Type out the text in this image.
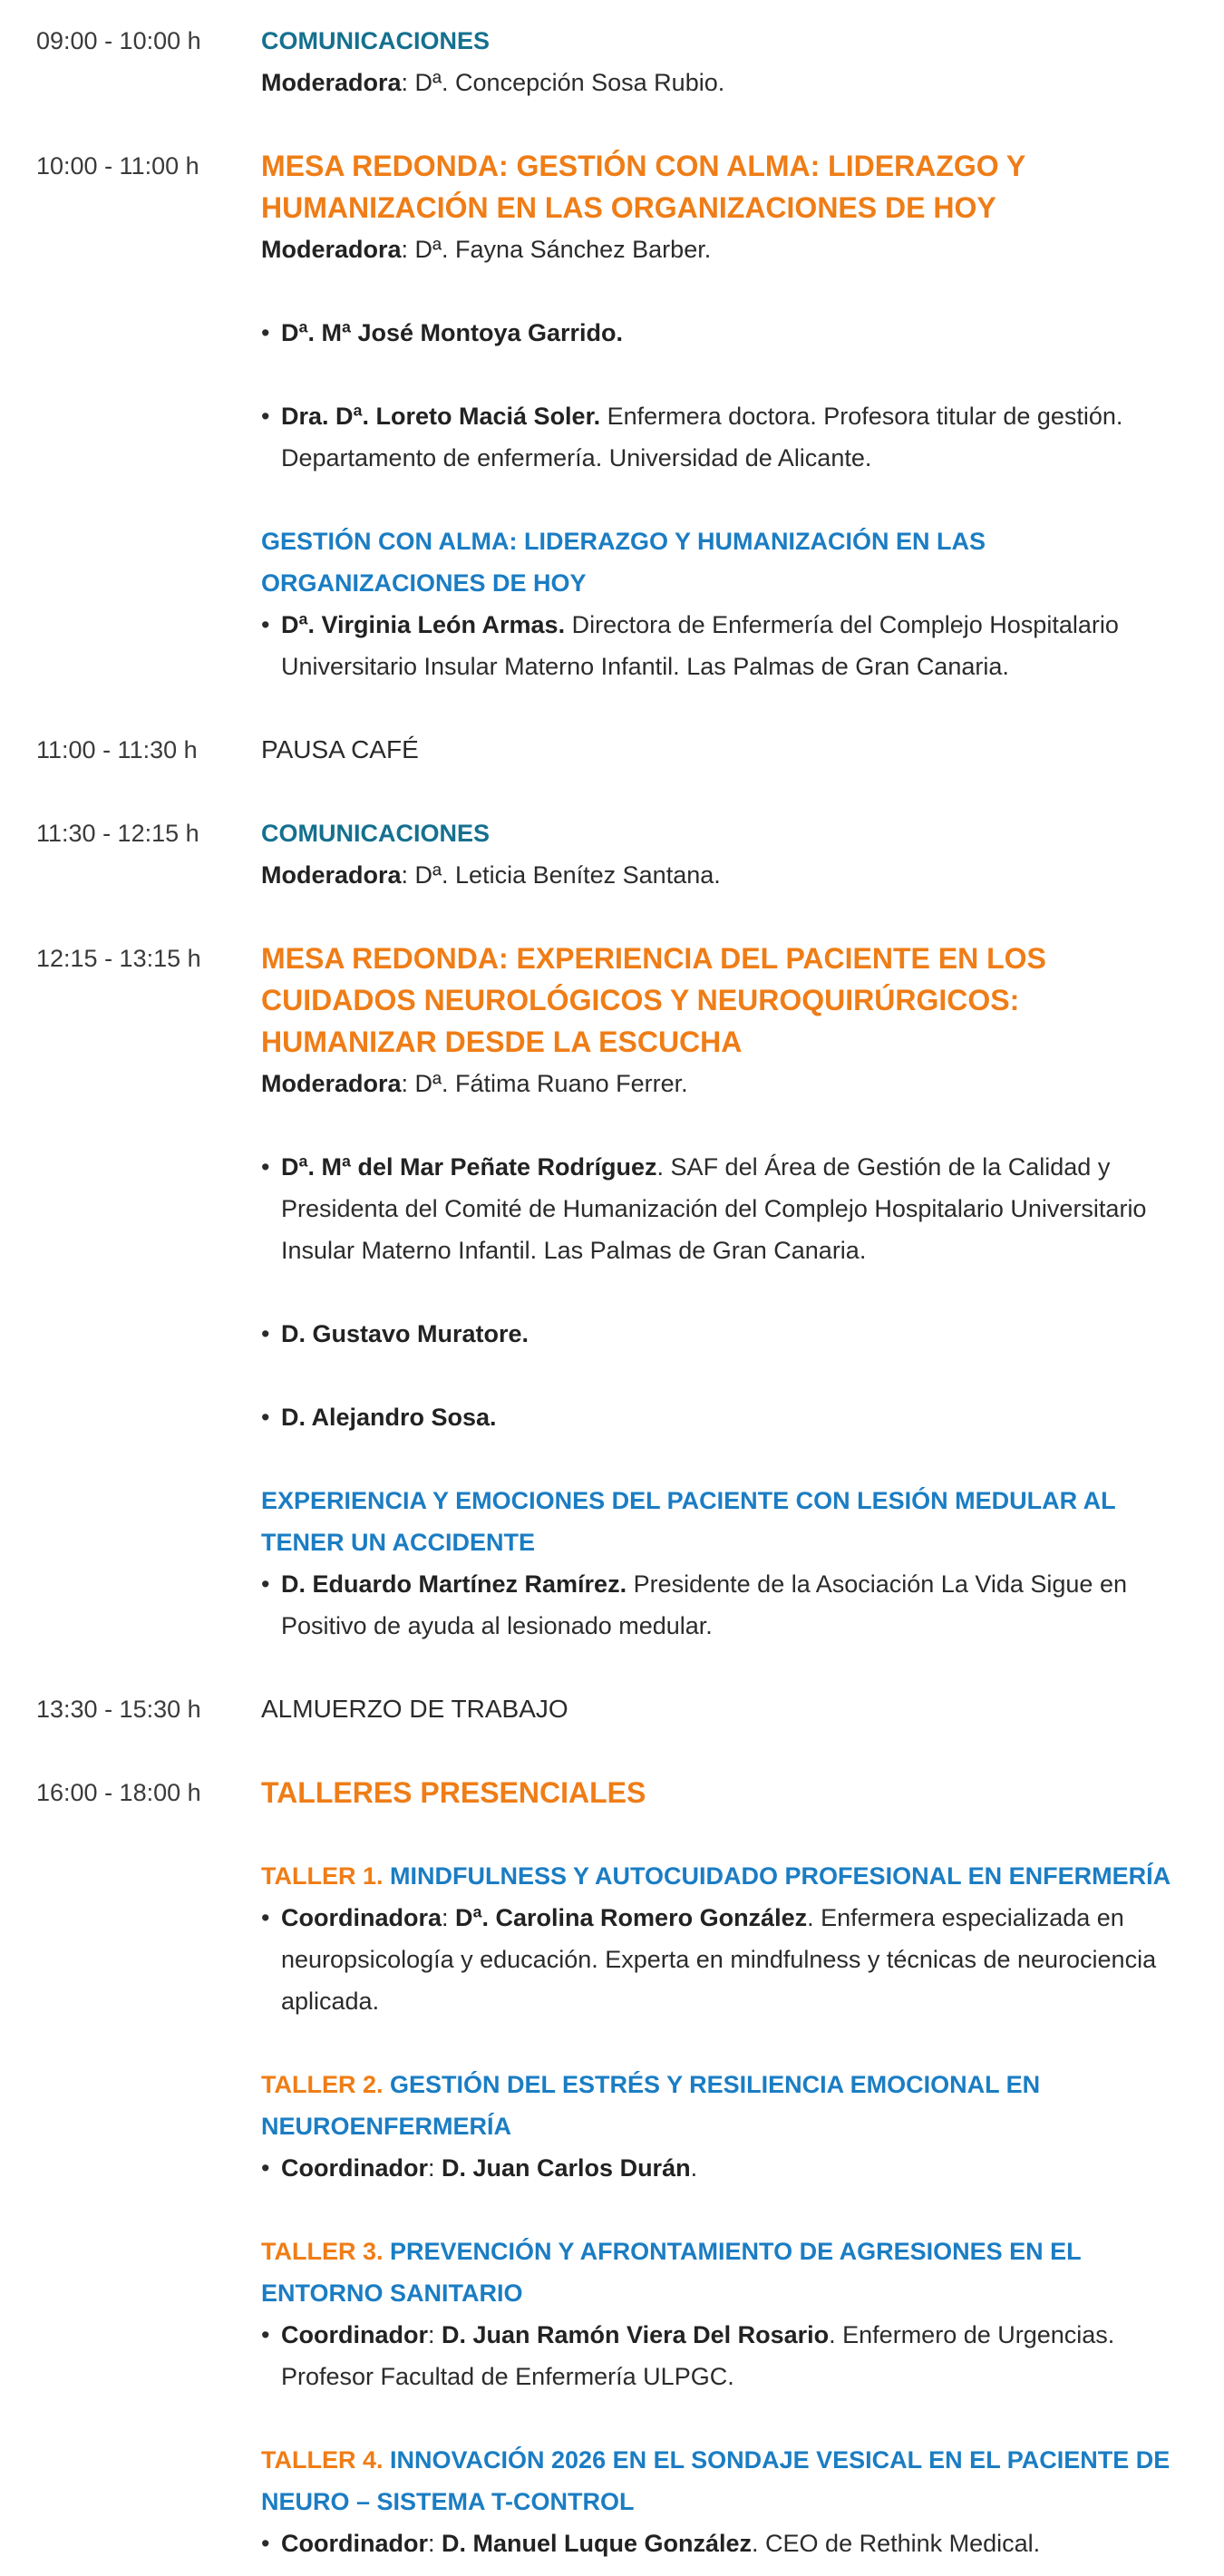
09:00 - 10:00 h	COMUNICACIONES
Moderadora: Dª. Concepción Sosa Rubio.
10:00 - 11:00 h	MESA REDONDA: GESTIÓN CON ALMA: LIDERAZGO Y HUMANIZACIÓN EN LAS ORGANIZACIONES DE HOY
Moderadora: Dª. Fayna Sánchez Barber.
• Dª. Mª José Montoya Garrido.
• Dra. Dª. Loreto Maciá Soler. Enfermera doctora. Profesora titular de gestión. Departamento de enfermería. Universidad de Alicante.
GESTIÓN CON ALMA: LIDERAZGO Y HUMANIZACIÓN EN LAS ORGANIZACIONES DE HOY
• Dª. Virginia León Armas. Directora de Enfermería del Complejo Hospitalario Universitario Insular Materno Infantil. Las Palmas de Gran Canaria.
11:00 - 11:30 h	PAUSA CAFÉ
11:30 - 12:15 h	COMUNICACIONES
Moderadora: Dª. Leticia Benítez Santana.
12:15 - 13:15 h	MESA REDONDA: EXPERIENCIA DEL PACIENTE EN LOS CUIDADOS NEUROLÓGICOS Y NEUROQUIRÚRGICOS: HUMANIZAR DESDE LA ESCUCHA
Moderadora: Dª. Fátima Ruano Ferrer.
• Dª. Mª del Mar Peñate Rodríguez. SAF del Área de Gestión de la Calidad y Presidenta del Comité de Humanización del Complejo Hospitalario Universitario Insular Materno Infantil. Las Palmas de Gran Canaria.
• D. Gustavo Muratore.
• D. Alejandro Sosa.
EXPERIENCIA Y EMOCIONES DEL PACIENTE CON LESIÓN MEDULAR AL TENER UN ACCIDENTE
• D. Eduardo Martínez Ramírez. Presidente de la Asociación La Vida Sigue en Positivo de ayuda al lesionado medular.
13:30 - 15:30 h	ALMUERZO DE TRABAJO
16:00 - 18:00 h	TALLERES PRESENCIALES
TALLER 1. MINDFULNESS Y AUTOCUIDADO PROFESIONAL EN ENFERMERÍA
• Coordinadora: Dª. Carolina Romero González. Enfermera especializada en neuropsicología y educación. Experta en mindfulness y técnicas de neurociencia aplicada.
TALLER 2. GESTIÓN DEL ESTRÉS Y RESILIENCIA EMOCIONAL EN NEUROENFERMERÍA
• Coordinador: D. Juan Carlos Durán.
TALLER 3. PREVENCIÓN Y AFRONTAMIENTO DE AGRESIONES EN EL ENTORNO SANITARIO
• Coordinador: D. Juan Ramón Viera Del Rosario. Enfermero de Urgencias. Profesor Facultad de Enfermería ULPGC.
TALLER 4. INNOVACIÓN 2026 EN EL SONDAJE VESICAL EN EL PACIENTE DE NEURO – SISTEMA T-CONTROL
• Coordinador: D. Manuel Luque González. CEO de Rethink Medical.
